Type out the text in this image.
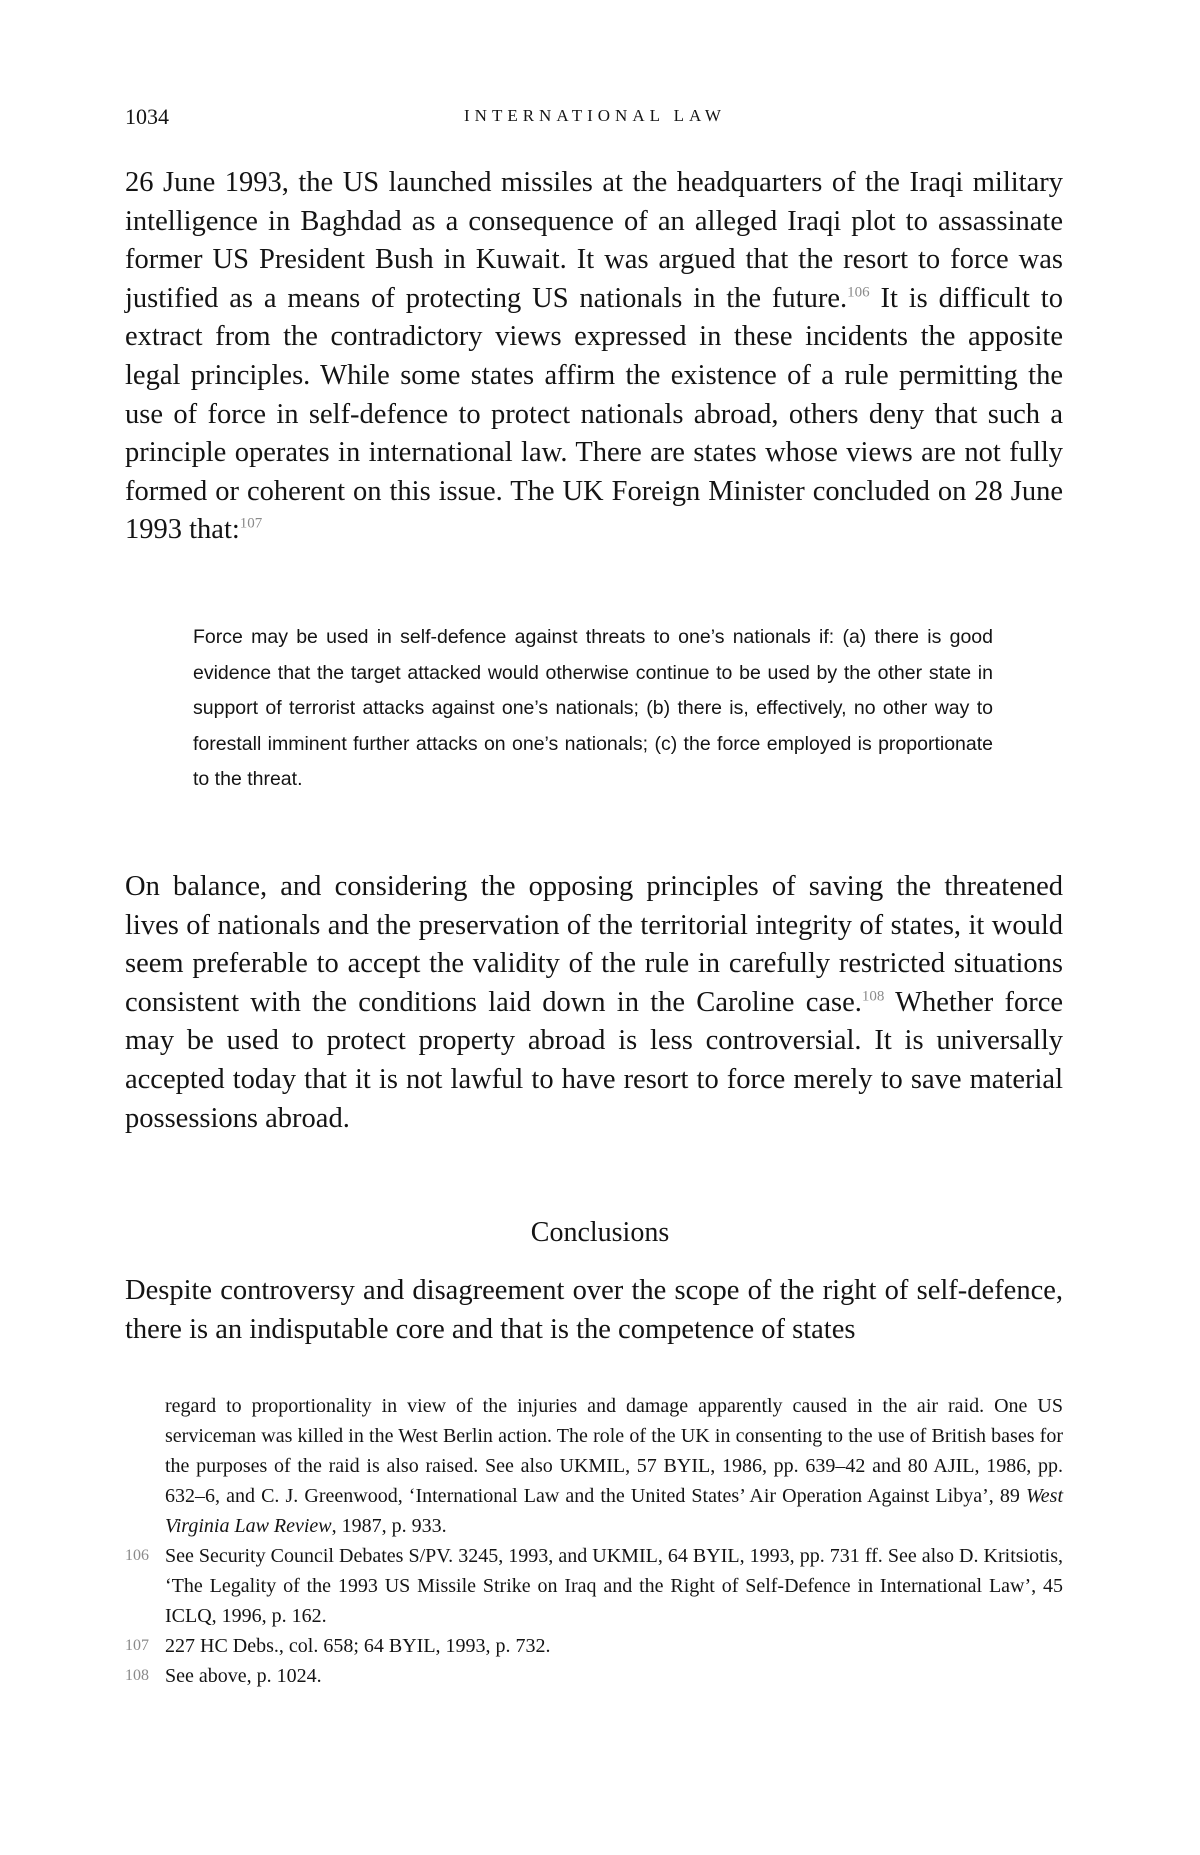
1034	INTERNATIONAL LAW

26 June 1993, the US launched missiles at the headquarters of the Iraqi military intelligence in Baghdad as a consequence of an alleged Iraqi plot to assassinate former US President Bush in Kuwait. It was argued that the resort to force was justified as a means of protecting US nationals in the future.$^{106}$ It is difficult to extract from the contradictory views expressed in these incidents the apposite legal principles. While some states affirm the existence of a rule permitting the use of force in self-defence to protect nationals abroad, others deny that such a principle operates in international law. There are states whose views are not fully formed or coherent on this issue. The UK Foreign Minister concluded on 28 June 1993 that:$^{107}$

Force may be used in self-defence against threats to one’s nationals if: (a) there is good evidence that the target attacked would otherwise continue to be used by the other state in support of terrorist attacks against one’s nationals; (b) there is, effectively, no other way to forestall imminent further attacks on one’s nationals; (c) the force employed is proportionate to the threat.

On balance, and considering the opposing principles of saving the threatened lives of nationals and the preservation of the territorial integrity of states, it would seem preferable to accept the validity of the rule in carefully restricted situations consistent with the conditions laid down in the Caroline case.$^{108}$ Whether force may be used to protect property abroad is less controversial. It is universally accepted today that it is not lawful to have resort to force merely to save material possessions abroad.

Conclusions

Despite controversy and disagreement over the scope of the right of self-defence, there is an indisputable core and that is the competence of states

regard to proportionality in view of the injuries and damage apparently caused in the air raid. One US serviceman was killed in the West Berlin action. The role of the UK in consenting to the use of British bases for the purposes of the raid is also raised. See also UKMIL, 57 BYIL, 1986, pp. 639–42 and 80 AJIL, 1986, pp. 632–6, and C. J. Greenwood, ‘International Law and the United States’ Air Operation Against Libya’, 89 West Virginia Law Review, 1987, p. 933.

106 See Security Council Debates S/PV. 3245, 1993, and UKMIL, 64 BYIL, 1993, pp. 731 ff. See also D. Kritsiotis, ‘The Legality of the 1993 US Missile Strike on Iraq and the Right of Self-Defence in International Law’, 45 ICLQ, 1996, p. 162.

107 227 HC Debs., col. 658; 64 BYIL, 1993, p. 732.

108 See above, p. 1024.
